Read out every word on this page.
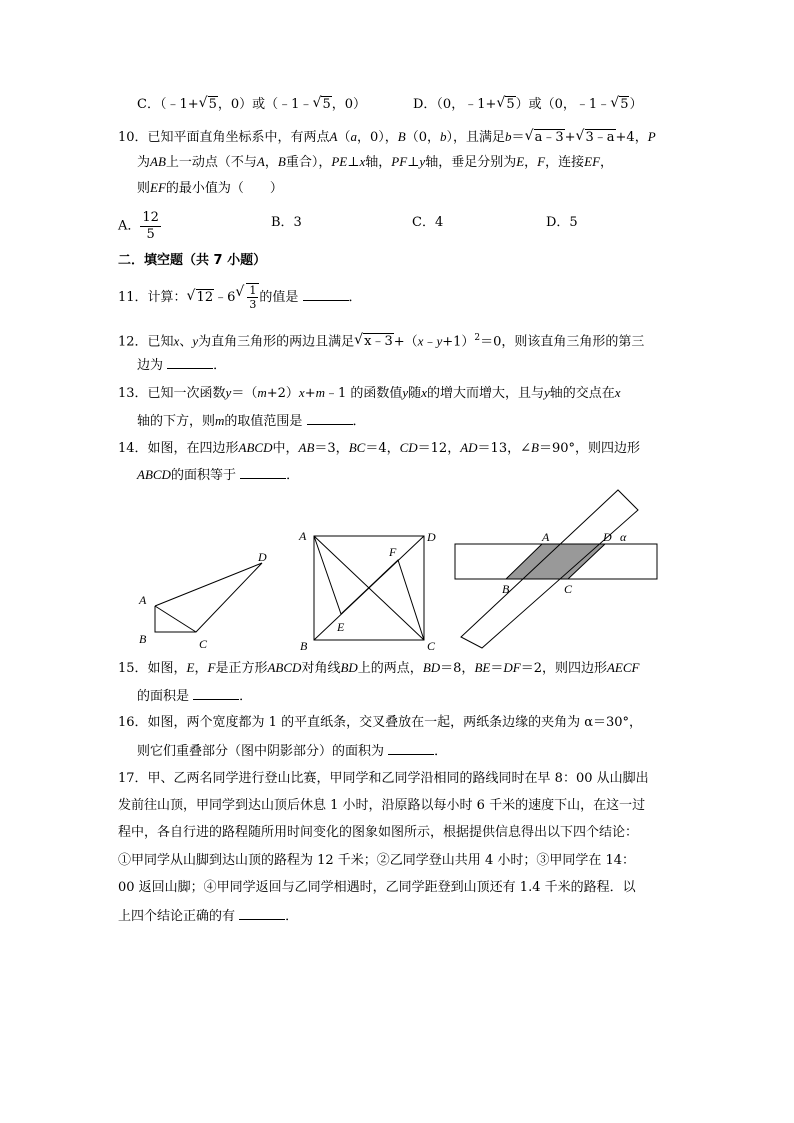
C．（﹣1+ √ 5，0）或（﹣1﹣ √ 5，0）	D．（0，﹣1+ √ 5）或（0，﹣1﹣ √ 5）
10．已知平面直角坐标系中，有两点A（a，0），B（0，b），且满足b＝ √ a﹣3+ √ 3﹣a+4，P
为AB上一动点（不与A，B重合），PE⊥x轴，PF⊥y轴，垂足分别为E，F，连接EF，
则EF的最小值为（　　）
A． $\frac{12}{5}$	B．3	C．4	D．5
二．填空题（共 7 小题）
11．计算： √ 12﹣6 √ $\frac{1}{3}$ 的值是	．
12．已知x、y为直角三角形的两边且满足 √ x﹣3+（x﹣y+1）$^2$＝0，则该直角三角形的第三
边为	．
13．已知一次函数y＝（m+2）x+m﹣1 的函数值y随x的增大而增大，且与y轴的交点在x
轴的下方，则m的取值范围是	．
14．如图，在四边形ABCD中，AB＝3，BC＝4，CD＝12，AD＝13，∠B＝90°，则四边形
ABCD的面积等于	．
A
B	C
D
A
B	C
D
E
F
A	D α
B	C
15．如图，E，F是正方形ABCD对角线BD上的两点，BD＝8，BE＝DF＝2，则四边形AECF
的面积是	．
16．如图，两个宽度都为 1 的平直纸条，交叉叠放在一起，两纸条边缘的夹角为 α＝30°，
则它们重叠部分（图中阴影部分）的面积为	．
17．甲、乙两名同学进行登山比赛，甲同学和乙同学沿相同的路线同时在早 8：00 从山脚出
发前往山顶，甲同学到达山顶后休息 1 小时，沿原路以每小时 6 千米的速度下山，在这一过
程中，各自行进的路程随所用时间变化的图象如图所示，根据提供信息得出以下四个结论：
①甲同学从山脚到达山顶的路程为 12 千米；②乙同学登山共用 4 小时；③甲同学在 14：
00 返回山脚；④甲同学返回与乙同学相遇时，乙同学距登到山顶还有 1.4 千米的路程．以
上四个结论正确的有	．
